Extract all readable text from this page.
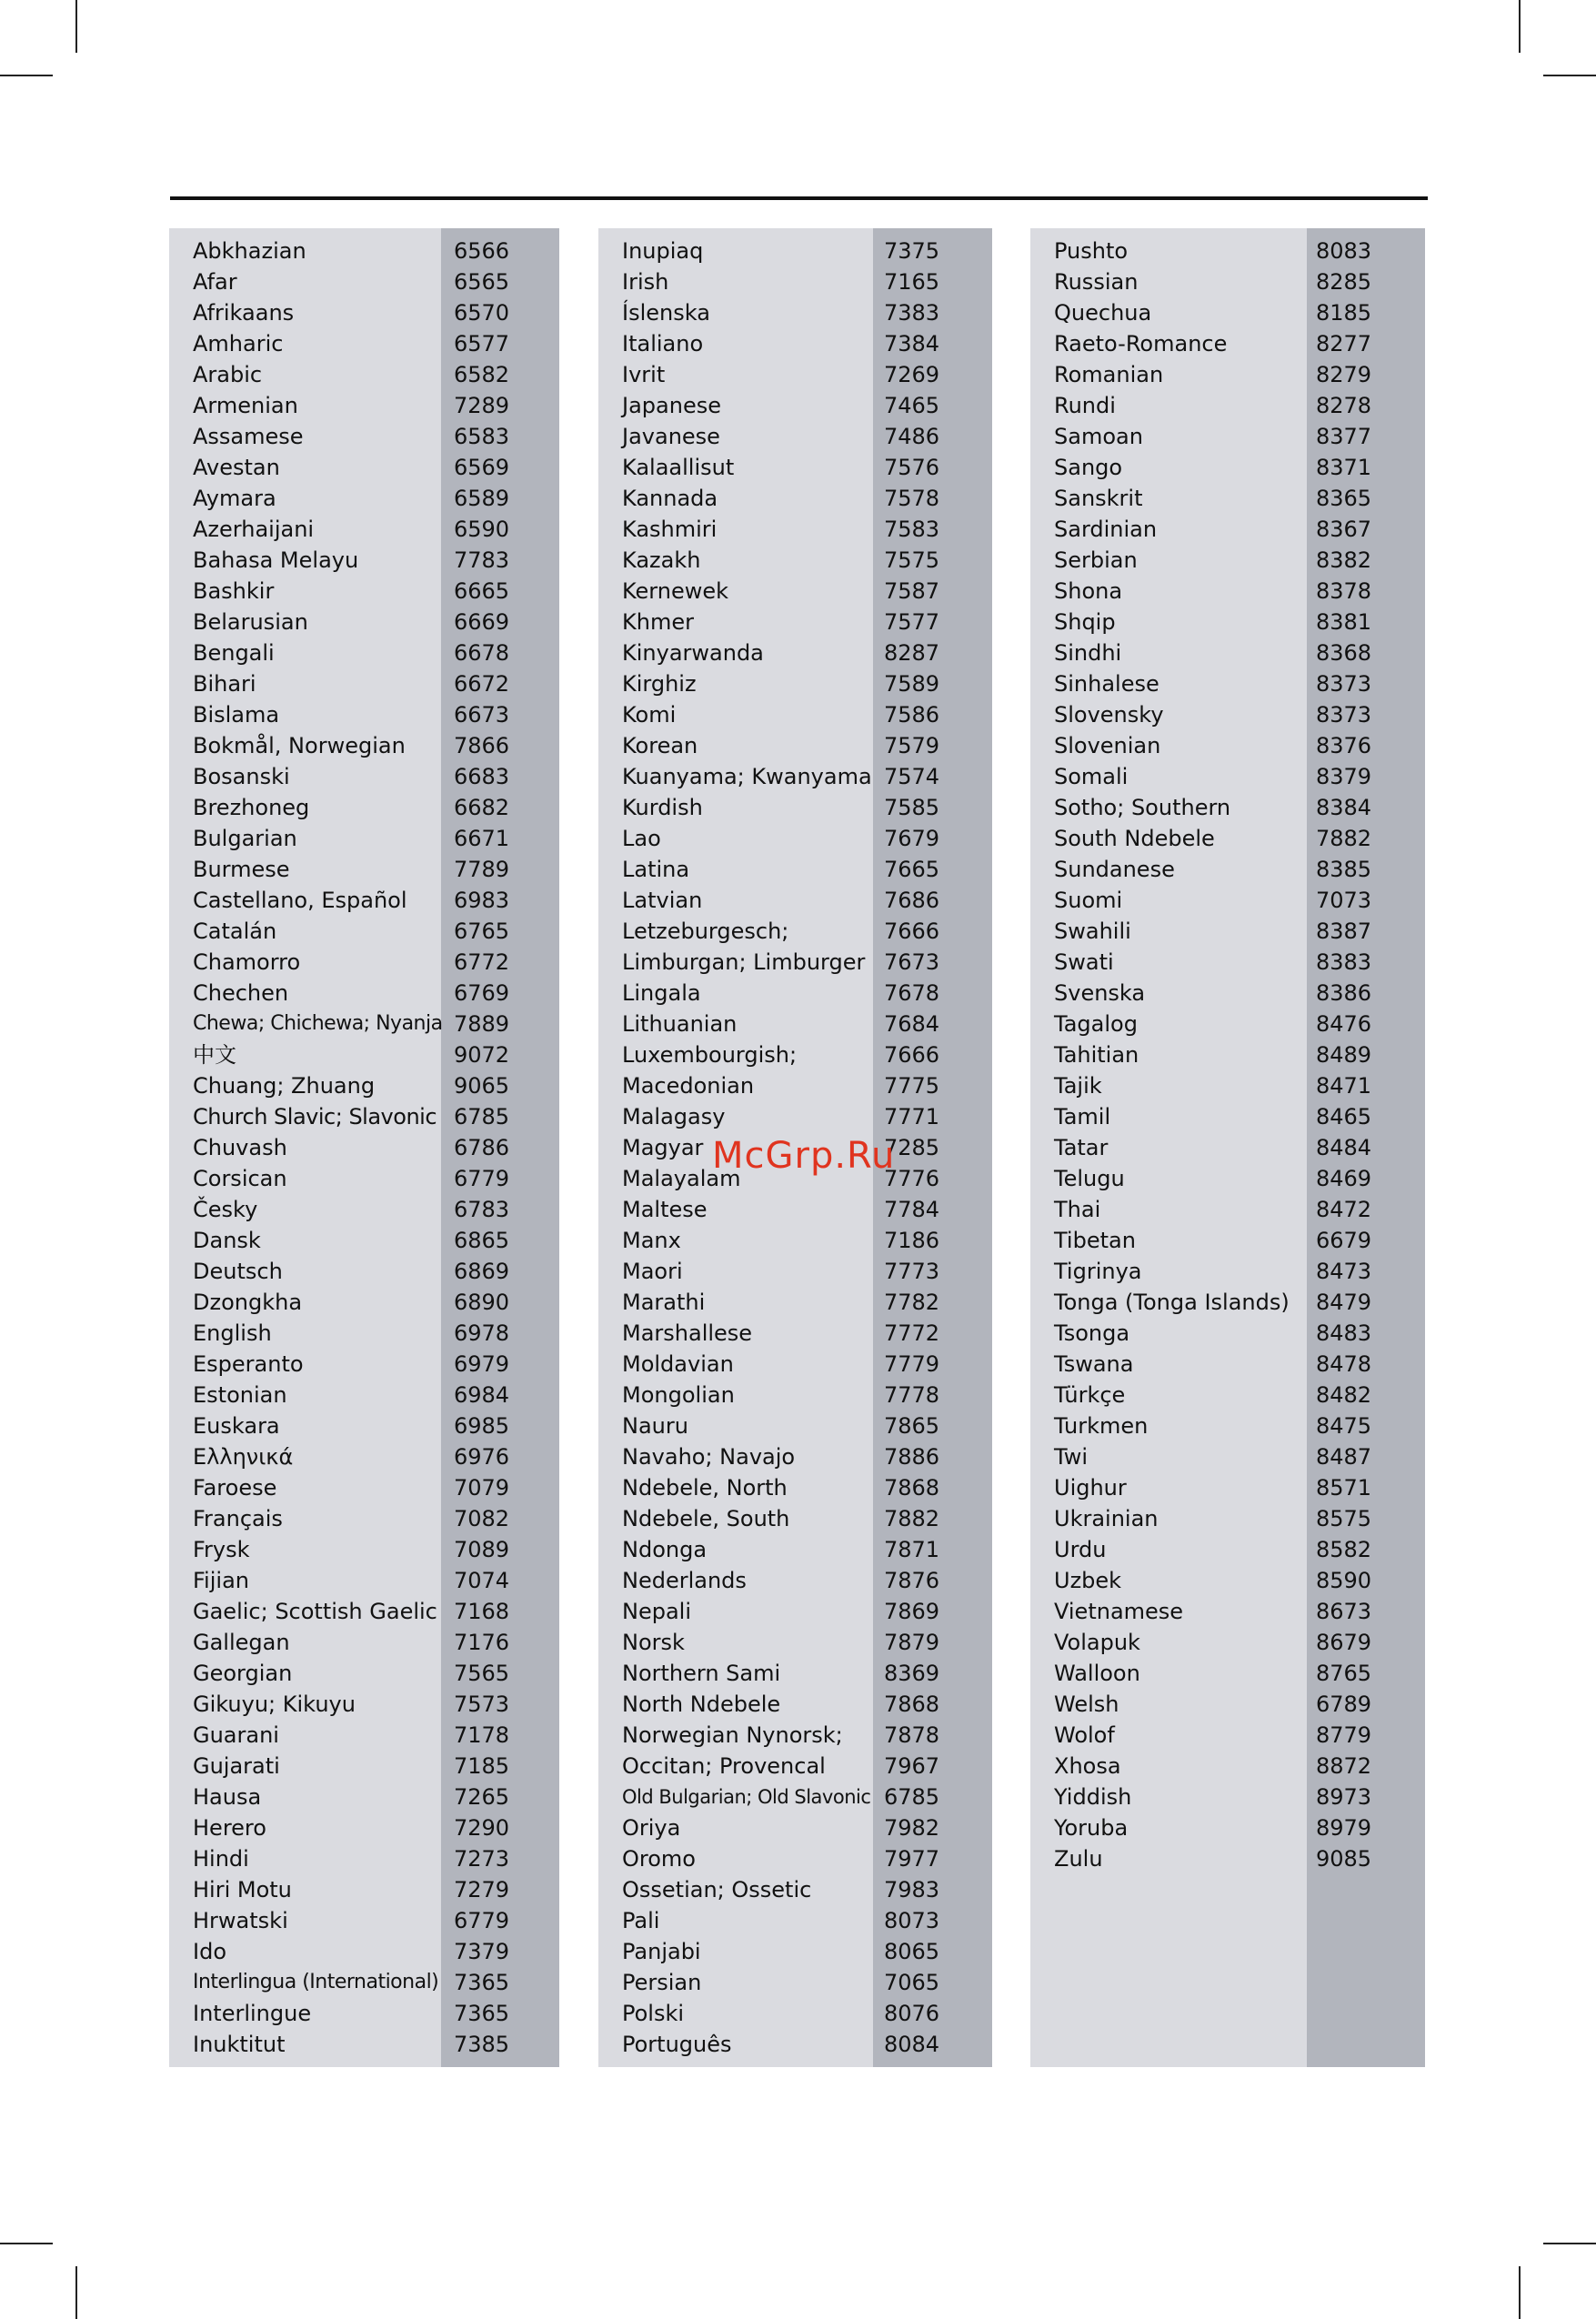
Abkhazian	6566
Afar	6565
Afrikaans	6570
Amharic	6577
Arabic	6582
Armenian	7289
Assamese	6583
Avestan	6569
Aymara	6589
Azerhaijani	6590
Bahasa Melayu	7783
Bashkir	6665
Belarusian	6669
Bengali	6678
Bihari	6672
Bislama	6673
Bokmål, Norwegian 7866
Bosanski	6683
Brezhoneg	6682
Bulgarian	6671
Burmese	7789
Castellano, Español 6983
Catalán	6765
Chamorro	6772
Chechen	6769
Chewa; Chichewa; Nyanja 7889
中文	9072
Chuang; Zhuang	9065
Church Slavic; Slavonic 6785
Chuvash	6786
Corsican	6779
Česky	6783
Dansk	6865
Deutsch	6869
Dzongkha	6890
English	6978
Esperanto	6979
Estonian	6984
Euskara	6985
Ελληνικά	6976
Faroese	7079
Français	7082
Frysk	7089
Fijian	7074
Gaelic; Scottish Gaelic 7168
Gallegan	7176
Georgian	7565
Gikuyu; Kikuyu	7573
Guarani	7178
Gujarati	7185
Hausa	7265
Herero	7290
Hindi	7273
Hiri Motu	7279
Hrwatski	6779
Ido	7379
Interlingua (International) 7365
Interlingue	7365
Inuktitut	7385
Inupiaq	7375
Irish	7165
Íslenska	7383
Italiano	7384
Ivrit	7269
Japanese	7465
Javanese	7486
Kalaallisut	7576
Kannada	7578
Kashmiri	7583
Kazakh	7575
Kernewek	7587
Khmer	7577
Kinyarwanda	8287
Kirghiz	7589
Komi	7586
Korean	7579
Kuanyama; Kwanyama 7574
Kurdish	7585
Lao	7679
Latina	7665
Latvian	7686
Letzeburgesch;	7666
Limburgan; Limburger 7673
Lingala	7678
Lithuanian	7684
Luxembourgish;	7666
Macedonian	7775
Malagasy	7771
Magyar	7285
Malayalam	7776
Maltese	7784
Manx	7186
Maori	7773
Marathi	7782
Marshallese	7772
Moldavian	7779
Mongolian	7778
Nauru	7865
Navaho; Navajo	7886
Ndebele, North	7868
Ndebele, South	7882
Ndonga	7871
Nederlands	7876
Nepali	7869
Norsk	7879
Northern Sami	8369
North Ndebele	7868
Norwegian Nynorsk; 7878
Occitan; Provencal	7967
Old Bulgarian; Old Slavonic 6785
Oriya	7982
Oromo	7977
Ossetian; Ossetic	7983
Pali	8073
Panjabi	8065
Persian	7065
Polski	8076
Português	8084
Pushto	8083
Russian	8285
Quechua	8185
Raeto-Romance	8277
Romanian	8279
Rundi	8278
Samoan	8377
Sango	8371
Sanskrit	8365
Sardinian	8367
Serbian	8382
Shona	8378
Shqip	8381
Sindhi	8368
Sinhalese	8373
Slovensky	8373
Slovenian	8376
Somali	8379
Sotho; Southern	8384
South Ndebele	7882
Sundanese	8385
Suomi	7073
Swahili	8387
Swati	8383
Svenska	8386
Tagalog	8476
Tahitian	8489
Tajik	8471
Tamil	8465
Tatar	8484
Telugu	8469
Thai	8472
Tibetan	6679
Tigrinya	8473
Tonga (Tonga Islands) 8479
Tsonga	8483
Tswana	8478
Türkçe	8482
Turkmen	8475
Twi	8487
Uighur	8571
Ukrainian	8575
Urdu	8582
Uzbek	8590
Vietnamese	8673
Volapuk	8679
Walloon	8765
Welsh	6789
Wolof	8779
Xhosa	8872
Yiddish	8973
Yoruba	8979
Zulu	9085
McGrp.Ru
